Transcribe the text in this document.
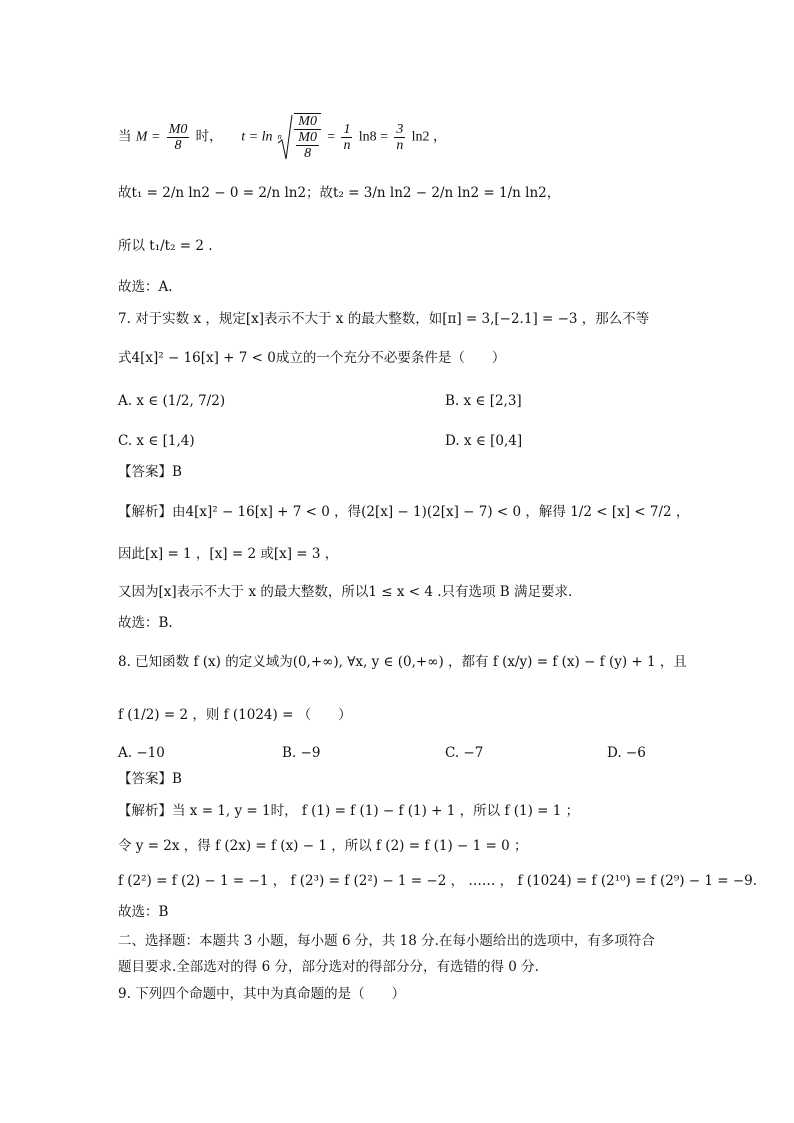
当 $M = \frac{M0}{8}$ 时， t = ln n M0
M0
$8 = \frac{1}{n} \ln 8 = \frac{3}{n} \ln 2$ ，
故t₁ = 2/n ln2 − 0 = 2/n ln2；故t₂ = 3/n ln2 − 2/n ln2 = 1/n ln2，
所以 t₁/t₂ = 2 .
故选：A.
7. 对于实数 x ，规定[x]表示不大于 x 的最大整数，如[π] = 3,[−2.1] = −3 ，那么不等
式4[x]² − 16[x] + 7 < 0成立的一个充分不必要条件是（　　）
A. x ∈ (1/2, 7/2)	B. x ∈ [2,3]
C. x ∈ [1,4)	D. x ∈ [0,4]
【答案】B
【解析】由4[x]² − 16[x] + 7 < 0 ，得(2[x] − 1)(2[x] − 7) < 0 ，解得 1/2 < [x] < 7/2 ，
因此[x] = 1 ，[x] = 2 或[x] = 3 ，
又因为[x]表示不大于 x 的最大整数，所以1 ≤ x < 4 .只有选项 B 满足要求.
故选：B.
8. 已知函数 f (x) 的定义域为(0,+∞), ∀x, y ∈ (0,+∞) ，都有 f (x/y) = f (x) − f (y) + 1 ，且
f (1/2) = 2 ，则 f (1024) = （　　）
A. −10	B. −9	C. −7	D. −6
【答案】B
【解析】当 x = 1, y = 1时， f (1) = f (1) − f (1) + 1 ，所以 f (1) = 1 ；
令 y = 2x ，得 f (2x) = f (x) − 1 ，所以 f (2) = f (1) − 1 = 0 ；
f (2²) = f (2) − 1 = −1 ， f (2³) = f (2²) − 1 = −2 ， …… ， f (1024) = f (2¹⁰) = f (2⁹) − 1 = −9.
故选：B
二、选择题：本题共 3 小题，每小题 6 分，共 18 分.在每小题给出的选项中，有多项符合
题目要求.全部选对的得 6 分，部分选对的得部分分，有选错的得 0 分.
9. 下列四个命题中，其中为真命题的是（　　）
